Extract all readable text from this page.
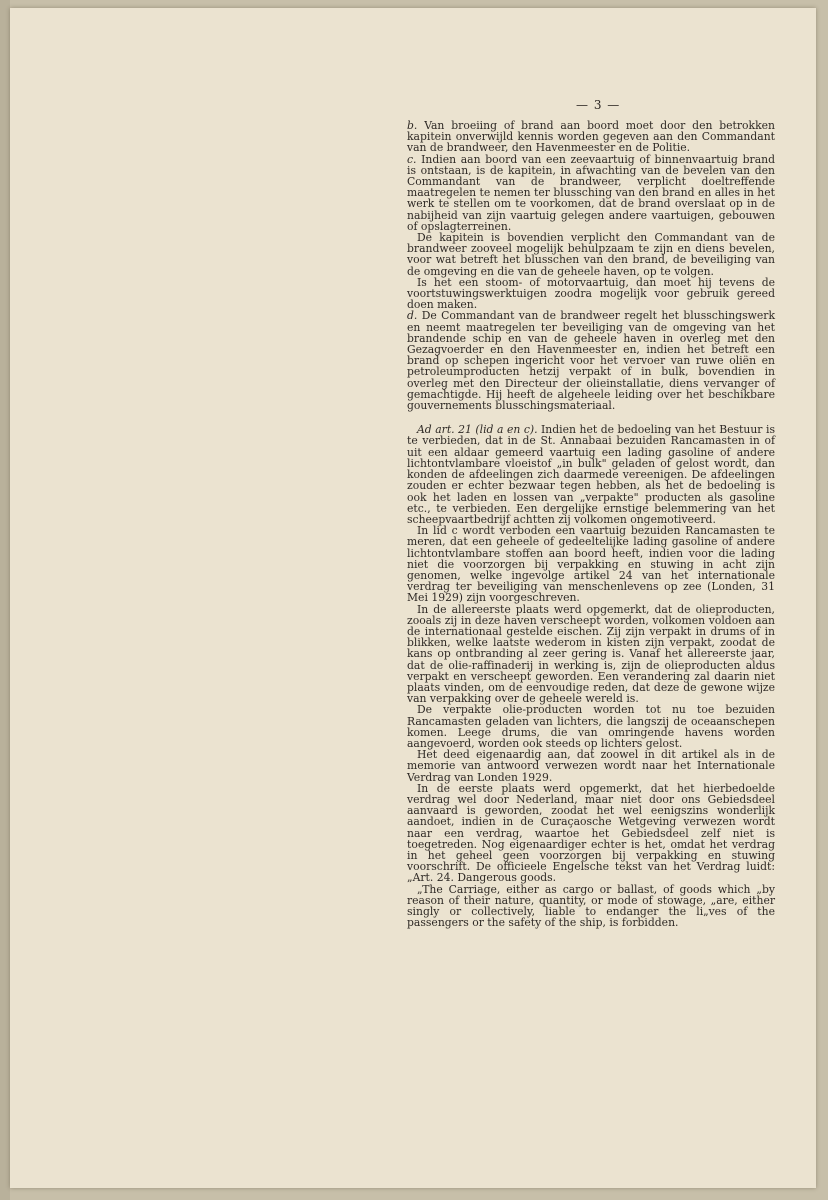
— 3 —

b. Van broeiing of brand aan boord moet door den betrokken kapitein onverwijld kennis worden gegeven aan den Commandant van de brandweer, den Havenmeester en de Politie.

c. Indien aan boord van een zeevaartuig of binnenvaartuig brand is ontstaan, is de kapitein, in afwachting van de bevelen van den Commandant van de brandweer, verplicht doeltreffende maatregelen te nemen ter blussching van den brand en alles in het werk te stellen om te voorkomen, dat de brand overslaat op in de nabijheid van zijn vaartuig gelegen andere vaartuigen, gebouwen of opslagterreinen.

De kapitein is bovendien verplicht den Commandant van de brandweer zooveel mogelijk behulpzaam te zijn en diens bevelen, voor wat betreft het blusschen van den brand, de beveiliging van de omgeving en die van de geheele haven, op te volgen.

Is het een stoom- of motorvaartuig, dan moet hij tevens de voortstuwingswerktuigen zoodra mogelijk voor gebruik gereed doen maken.

d. De Commandant van de brandweer regelt het blusschingswerk en neemt maatregelen ter beveiliging van de omgeving van het brandende schip en van de geheele haven in overleg met den Gezagvoerder en den Havenmeester en, indien het betreft een brand op schepen ingericht voor het vervoer van ruwe oliën en petroleumproducten hetzij verpakt of in bulk, bovendien in overleg met den Directeur der olieinstallatie, diens vervanger of gemachtigde. Hij heeft de algeheele leiding over het beschikbare gouvernements blusschingsmateriaal.

Ad art. 21 (lid a en c). Indien het de bedoeling van het Bestuur is te verbieden, dat in de St. Annabaai bezuiden Rancamasten in of uit een aldaar gemeerd vaartuig een lading gasoline of andere lichtontvlambare vloeistof „in bulk" geladen of gelost wordt, dan konden de afdeelingen zich daarmede vereenigen. De afdeelingen zouden er echter bezwaar tegen hebben, als het de bedoeling is ook het laden en lossen van „verpakte" producten als gasoline etc., te verbieden. Een dergelijke ernstige belemmering van het scheepvaartbedrijf achtten zij volkomen ongemotiveerd.

In lid c wordt verboden een vaartuig bezuiden Rancamasten te meren, dat een geheele of gedeeltelijke lading gasoline of andere lichtontvlambare stoffen aan boord heeft, indien voor die lading niet die voorzorgen bij verpakking en stuwing in acht zijn genomen, welke ingevolge artikel 24 van het internationale verdrag ter beveiliging van menschenlevens op zee (Londen, 31 Mei 1929) zijn voorgeschreven.

In de allereerste plaats werd opgemerkt, dat de olieproducten, zooals zij in deze haven verscheept worden, volkomen voldoen aan de internationaal gestelde eischen. Zij zijn verpakt in drums of in blikken, welke laatste wederom in kisten zijn verpakt, zoodat de kans op ontbranding al zeer gering is. Vanaf het allereerste jaar, dat de olie-raffinaderij in werking is, zijn de olieproducten aldus verpakt en verscheept geworden. Een verandering zal daarin niet plaats vinden, om de eenvoudige reden, dat deze de gewone wijze van verpakking over de geheele wereld is.

De verpakte olie-producten worden tot nu toe bezuiden Rancamasten geladen van lichters, die langszij de oceaanschepen komen. Leege drums, die van omringende havens worden aangevoerd, worden ook steeds op lichters gelost.

Het deed eigenaardig aan, dat zoowel in dit artikel als in de memorie van antwoord verwezen wordt naar het Internationale Verdrag van Londen 1929.

In de eerste plaats werd opgemerkt, dat het hierbedoelde verdrag wel door Nederland, maar niet door ons Gebiedsdeel aanvaard is geworden, zoodat het wel eenigszins wonderlijk aandoet, indien in de Curaçaosche Wetgeving verwezen wordt naar een verdrag, waartoe het Gebiedsdeel zelf niet is toegetreden. Nog eigenaardiger echter is het, omdat het verdrag in het geheel geen voorzorgen bij verpakking en stuwing voorschrift. De officieele Engelsche tekst van het Verdrag luidt: „Art. 24. Dangerous goods.

„The Carriage, either as cargo or ballast, of goods which „by reason of their nature, quantity, or mode of stowage, „are, either singly or collectively, liable to endanger the li„ves of the passengers or the safety of the ship, is forbidden.
